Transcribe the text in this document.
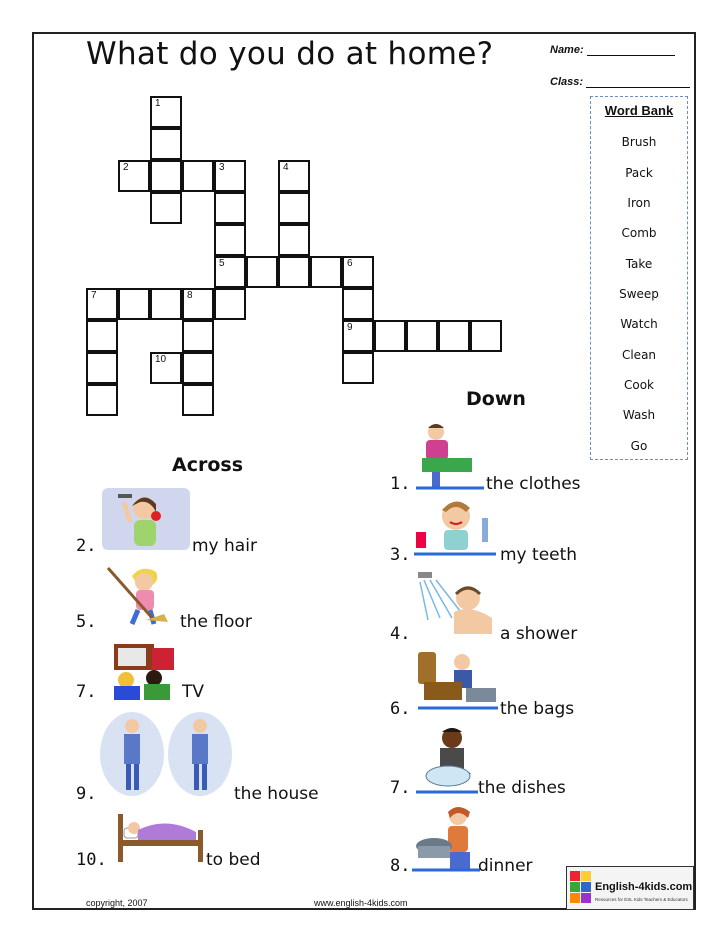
What do you do at home?	Name:
Class:
Word Bank
Brush
Pack
Iron
Comb
Take
Sweep
Watch
Clean
Cook
Wash
Go
1
2	3
5
4
6
9
7	8
10
Across
2.	my hair
5.	the floor
7.	TV
9.	the house
10.	to bed
Down
1.	the clothes
3.	my teeth
4.	a shower
6.	the bags
7.	the dishes
8.	dinner
copyright, 2007	www.english-4kids.com
English-4kids.com
Resources for ESL Kids Teachers & Educators
